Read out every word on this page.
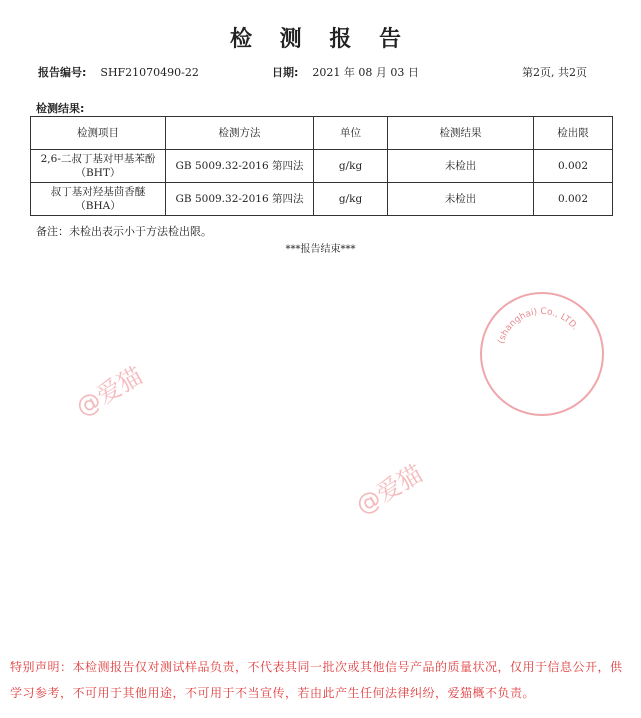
检 测 报 告
报告编号: SHF21070490-22	日期: 2021 年 08 月 03 日	第2页, 共2页
检测结果:
检测项目	检测方法	单位	检测结果	检出限
2,6-二叔丁基对甲基苯酚
（BHT）	GB 5009.32-2016 第四法	g/kg	未检出	0.002
叔丁基对羟基茴香醚
（BHA）	GB 5009.32-2016 第四法	g/kg	未检出	0.002
备注：未检出表示小于方法检出限。
***报告结束***
(shanghai) Co., LTD.
@爱猫
@爱猫
特别声明：本检测报告仅对测试样品负责，不代表其同一批次或其他信号产品的质量状况，仅用于信息公开，供学习参考，不可用于其他用途，不可用于不当宣传，若由此产生任何法律纠纷，爱猫概不负责。
